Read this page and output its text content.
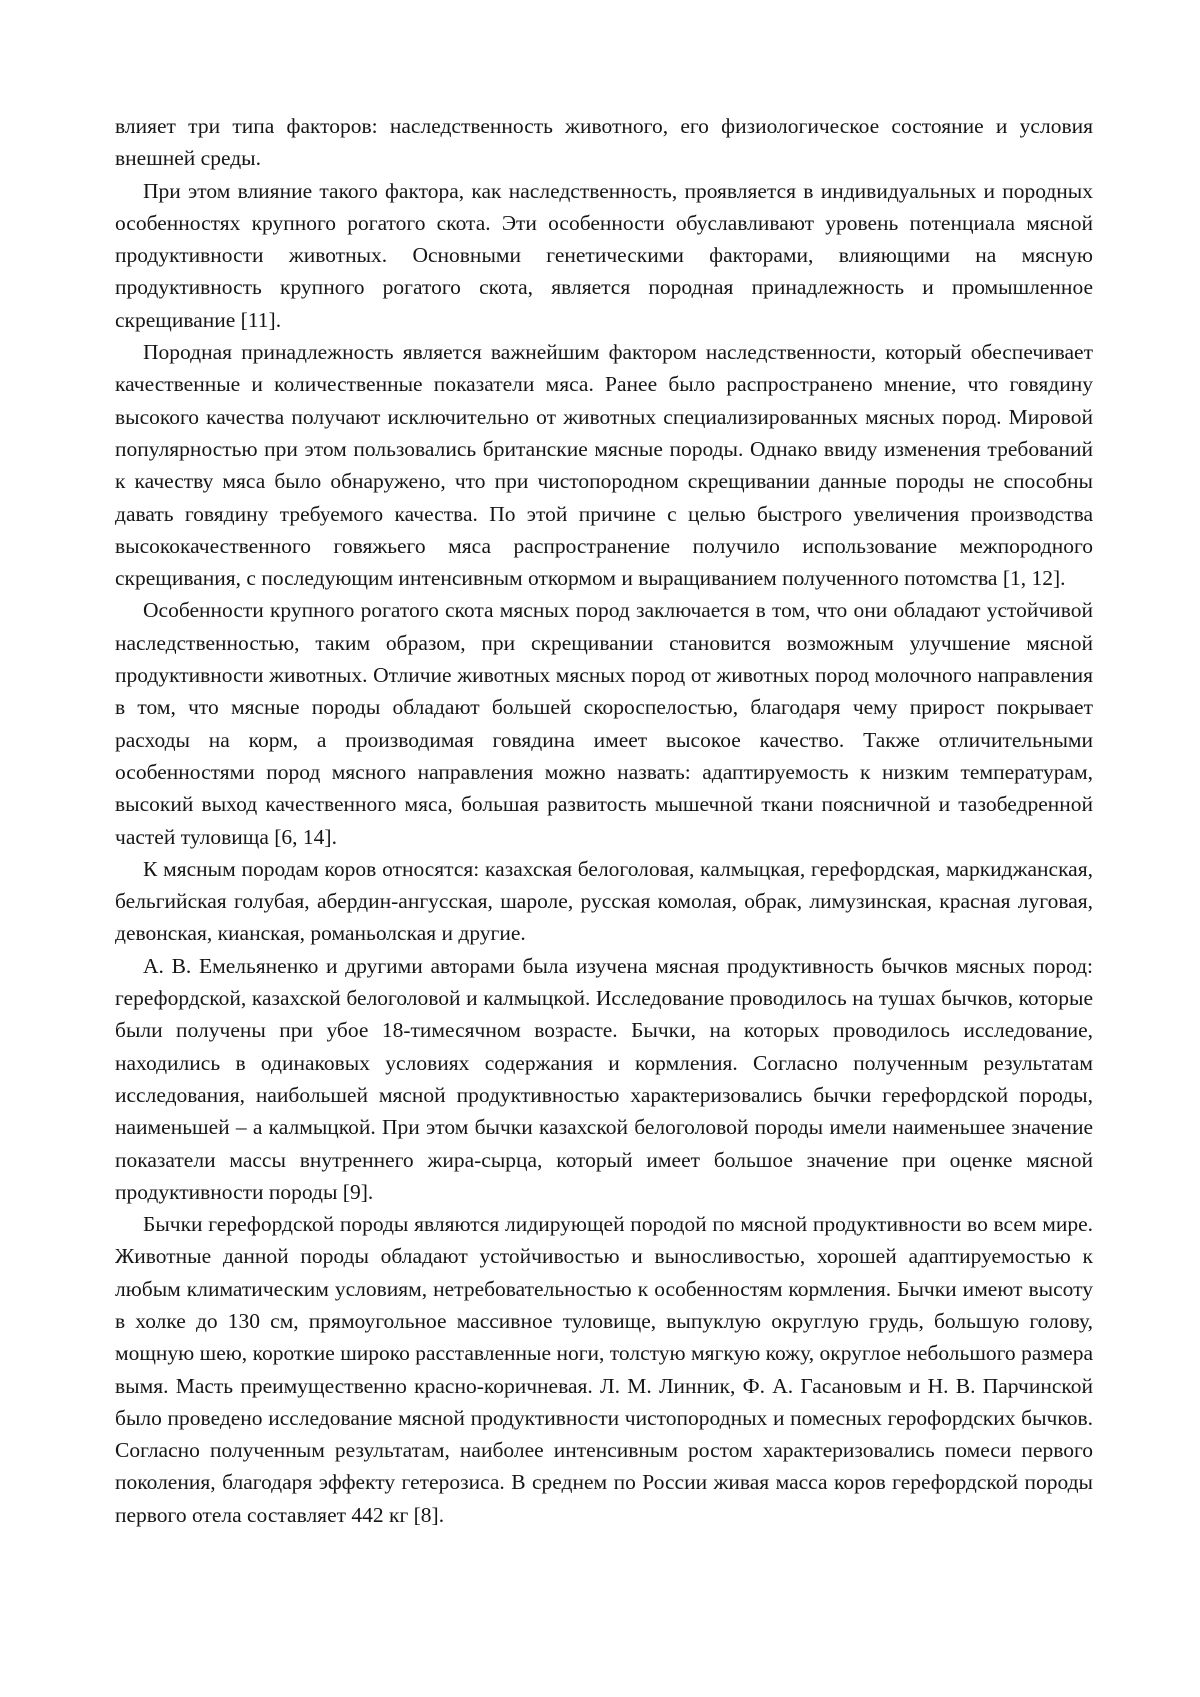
влияет три типа факторов: наследственность животного, его физиологическое состояние и условия внешней среды.

При этом влияние такого фактора, как наследственность, проявляется в индивидуальных и породных особенностях крупного рогатого скота. Эти особенности обуславливают уровень потенциала мясной продуктивности животных. Основными генетическими факторами, влияющими на мясную продуктивность крупного рогатого скота, является породная принадлежность и промышленное скрещивание [11].

Породная принадлежность является важнейшим фактором наследственности, который обеспечивает качественные и количественные показатели мяса. Ранее было распространено мнение, что говядину высокого качества получают исключительно от животных специализированных мясных пород. Мировой популярностью при этом пользовались британские мясные породы. Однако ввиду изменения требований к качеству мяса было обнаружено, что при чистопородном скрещивании данные породы не способны давать говядину требуемого качества. По этой причине с целью быстрого увеличения производства высококачественного говяжьего мяса распространение получило использование межпородного скрещивания, с последующим интенсивным откормом и выращиванием полученного потомства [1, 12].

Особенности крупного рогатого скота мясных пород заключается в том, что они обладают устойчивой наследственностью, таким образом, при скрещивании становится возможным улучшение мясной продуктивности животных. Отличие животных мясных пород от животных пород молочного направления в том, что мясные породы обладают большей скороспелостью, благодаря чему прирост покрывает расходы на корм, а производимая говядина имеет высокое качество. Также отличительными особенностями пород мясного направления можно назвать: адаптируемость к низким температурам, высокий выход качественного мяса, большая развитость мышечной ткани поясничной и тазобедренной частей туловища [6, 14].

К мясным породам коров относятся: казахская белоголовая, калмыцкая, герефордская, маркиджанская, бельгийская голубая, абердин-ангусская, шароле, русская комолая, обрак, лимузинская, красная луговая, девонская, кианская, романьолская и другие.

А. В. Емельяненко и другими авторами была изучена мясная продуктивность бычков мясных пород: герефордской, казахской белоголовой и калмыцкой. Исследование проводилось на тушах бычков, которые были получены при убое 18-тимесячном возрасте. Бычки, на которых проводилось исследование, находились в одинаковых условиях содержания и кормления. Согласно полученным результатам исследования, наибольшей мясной продуктивностью характеризовались бычки герефордской породы, наименьшей – а калмыцкой. При этом бычки казахской белоголовой породы имели наименьшее значение показатели массы внутреннего жира-сырца, который имеет большое значение при оценке мясной продуктивности породы [9].

Бычки герефордской породы являются лидирующей породой по мясной продуктивности во всем мире. Животные данной породы обладают устойчивостью и выносливостью, хорошей адаптируемостью к любым климатическим условиям, нетребовательностью к особенностям кормления. Бычки имеют высоту в холке до 130 см, прямоугольное массивное туловище, выпуклую округлую грудь, большую голову, мощную шею, короткие широко расставленные ноги, толстую мягкую кожу, округлое небольшого размера вымя. Масть преимущественно красно-коричневая. Л. М. Линник, Ф. А. Гасановым и Н. В. Парчинской было проведено исследование мясной продуктивности чистопородных и помесных герофордских бычков. Согласно полученным результатам, наиболее интенсивным ростом характеризовались помеси первого поколения, благодаря эффекту гетерозиса. В среднем по России живая масса коров герефордской породы первого отела составляет 442 кг [8].
